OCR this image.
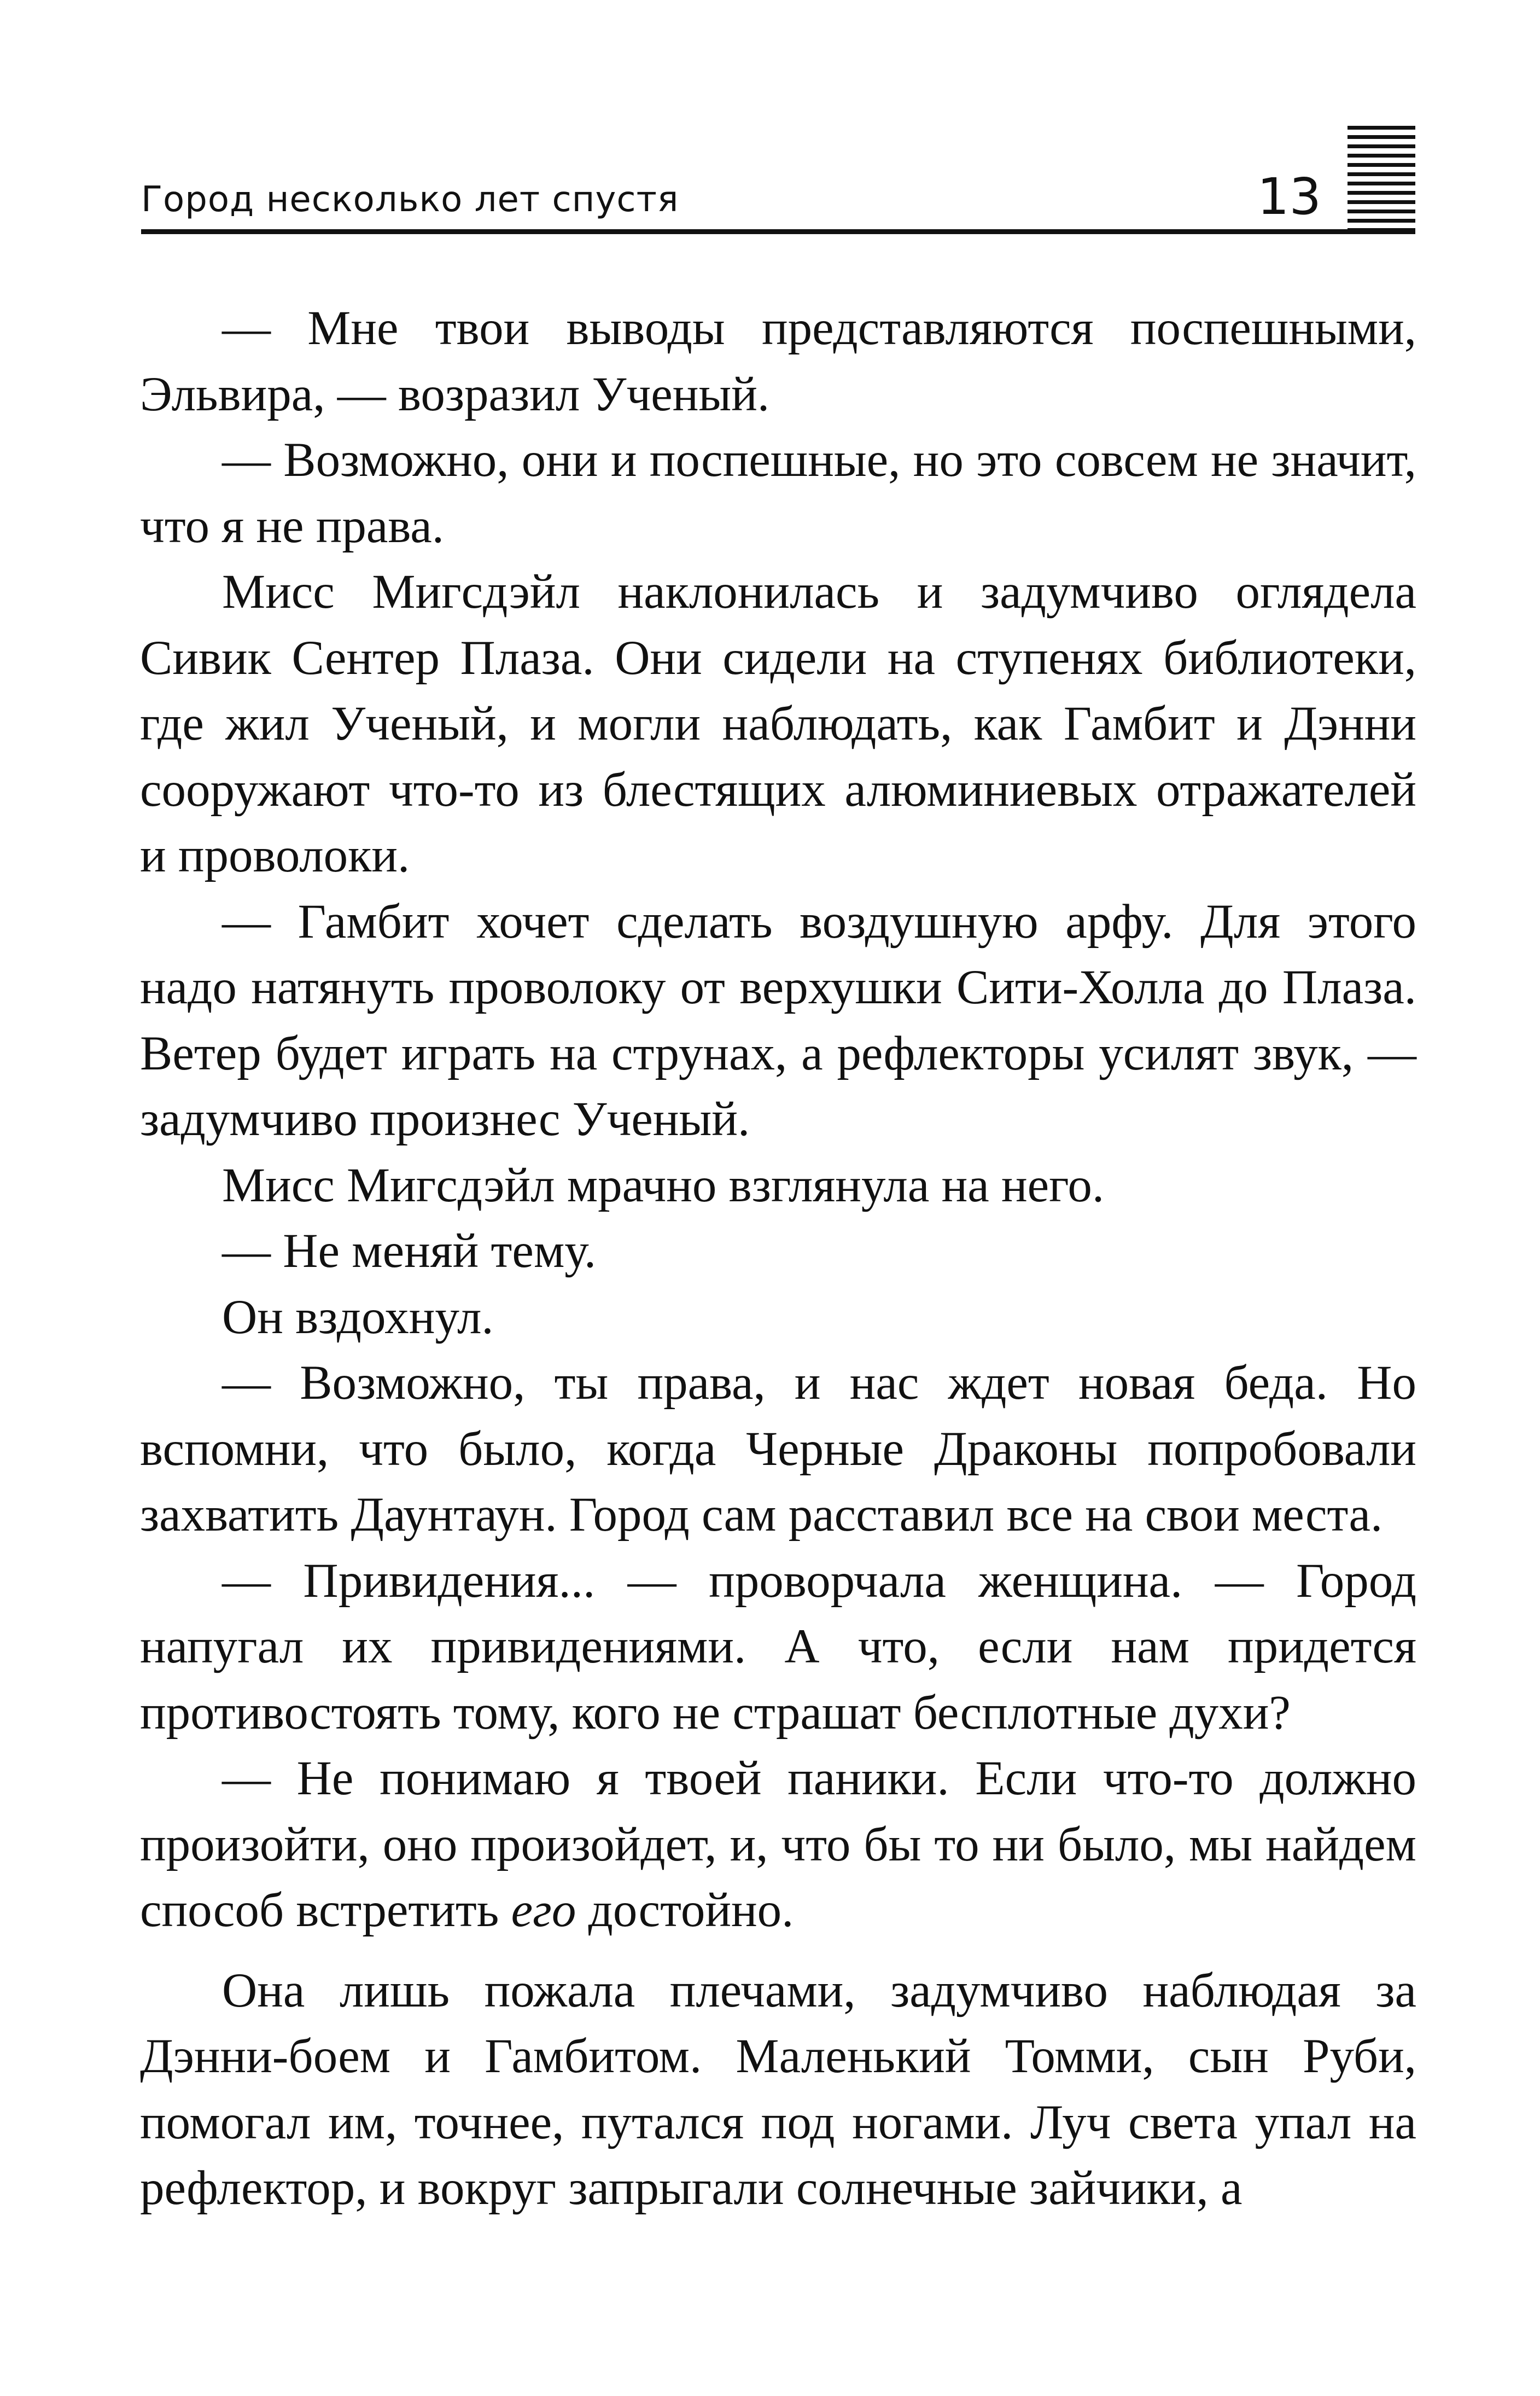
Город несколько лет спустя	13

— Мне твои выводы представляются поспешными, Эльвира, — возразил Ученый.

— Возможно, они и поспешные, но это совсем не значит, что я не права.

Мисс Мигсдэйл наклонилась и задумчиво оглядела Сивик Сентер Плаза. Они сидели на ступенях библиотеки, где жил Ученый, и могли наблюдать, как Гамбит и Дэнни сооружают что-то из блестящих алюминиевых отражателей и проволоки.

— Гамбит хочет сделать воздушную арфу. Для этого надо натянуть проволоку от верхушки Сити-Холла до Плаза. Ветер будет играть на струнах, а рефлекторы усилят звук, — задумчиво произнес Ученый.

Мисс Мигсдэйл мрачно взглянула на него.

— Не меняй тему.

Он вздохнул.

— Возможно, ты права, и нас ждет новая беда. Но вспомни, что было, когда Черные Драконы попробовали захватить Даунтаун. Город сам расставил все на свои места.

— Привидения... — проворчала женщина. — Город напугал их привидениями. А что, если нам придется противостоять тому, кого не страшат бесплотные духи?

— Не понимаю я твоей паники. Если что-то должно произойти, оно произойдет, и, что бы то ни было, мы найдем способ встретить его достойно.

Она лишь пожала плечами, задумчиво наблюдая за Дэнни-боем и Гамбитом. Маленький Томми, сын Руби, помогал им, точнее, путался под ногами. Луч света упал на рефлектор, и вокруг запрыгали солнечные зайчики, а
